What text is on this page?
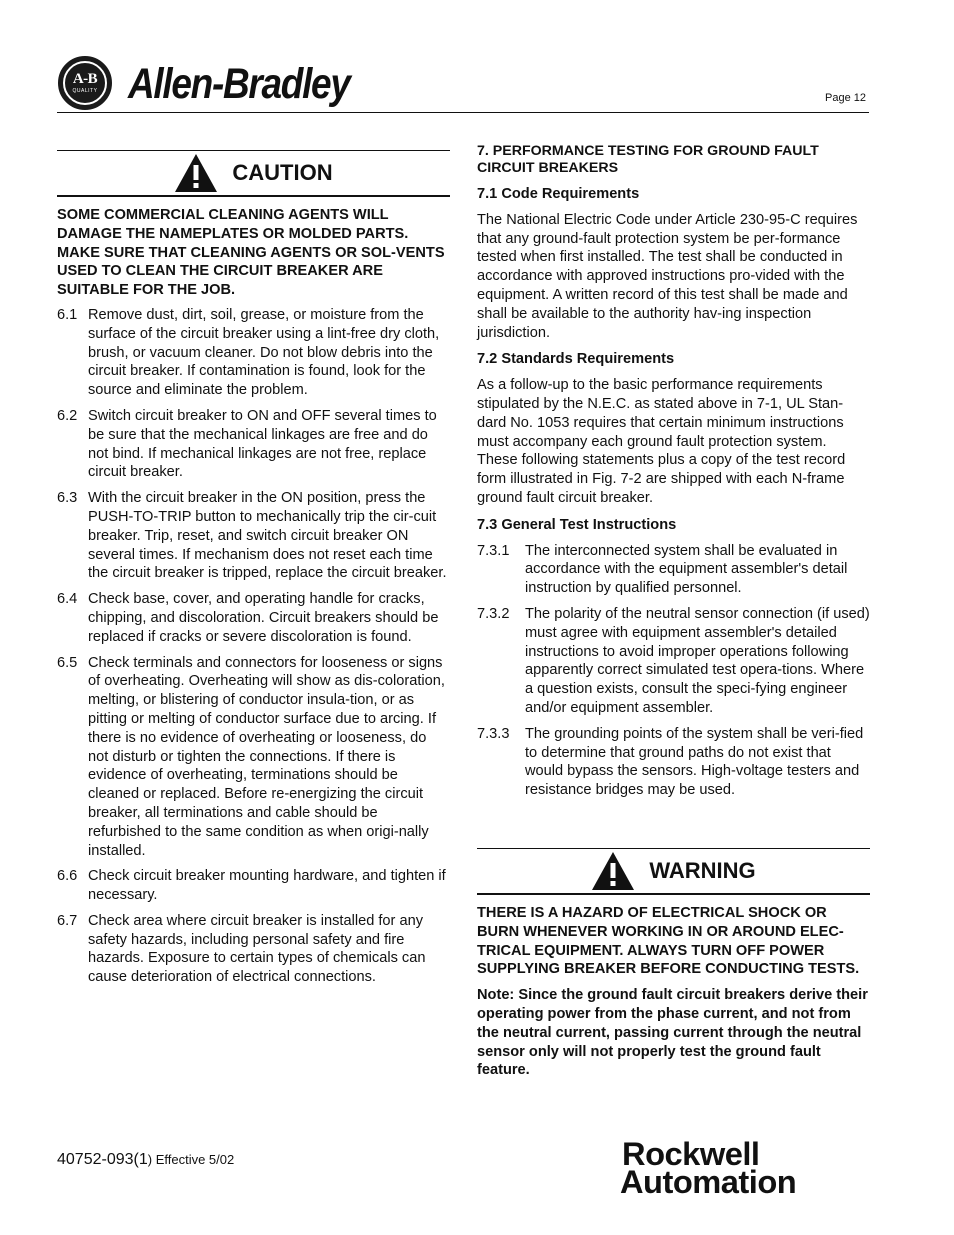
A-B
QUALITY Allen-Bradley	Page 12
CAUTION

SOME COMMERCIAL CLEANING AGENTS WILL DAMAGE THE NAMEPLATES OR MOLDED PARTS. MAKE SURE THAT CLEANING AGENTS OR SOL-VENTS USED TO CLEAN THE CIRCUIT BREAKER ARE SUITABLE FOR THE JOB.

6.1 Remove dust, dirt, soil, grease, or moisture from the surface of the circuit breaker using a lint-free dry cloth, brush, or vacuum cleaner. Do not blow debris into the circuit breaker. If contamination is found, look for the source and eliminate the problem.
6.2 Switch circuit breaker to ON and OFF several times to be sure that the mechanical linkages are free and do not bind. If mechanical linkages are not free, replace circuit breaker.
6.3 With the circuit breaker in the ON position, press the PUSH-TO-TRIP button to mechanically trip the cir-cuit breaker. Trip, reset, and switch circuit breaker ON several times. If mechanism does not reset each time the circuit breaker is tripped, replace the circuit breaker.
6.4 Check base, cover, and operating handle for cracks, chipping, and discoloration. Circuit breakers should be replaced if cracks or severe discoloration is found.
6.5 Check terminals and connectors for looseness or signs of overheating. Overheating will show as dis-coloration, melting, or blistering of conductor insula-tion, or as pitting or melting of conductor surface due to arcing. If there is no evidence of overheating or looseness, do not disturb or tighten the connections. If there is evidence of overheating, terminations should be cleaned or replaced. Before re-energizing the circuit breaker, all terminations and cable should be refurbished to the same condition as when origi-nally installed.
6.6 Check circuit breaker mounting hardware, and tighten if necessary.
6.7 Check area where circuit breaker is installed for any safety hazards, including personal safety and fire hazards. Exposure to certain types of chemicals can cause deterioration of electrical connections.

7. PERFORMANCE TESTING FOR GROUND FAULT CIRCUIT BREAKERS

7.1 Code Requirements

The National Electric Code under Article 230-95-C requires that any ground-fault protection system be per-formance tested when first installed. The test shall be conducted in accordance with approved instructions pro-vided with the equipment. A written record of this test shall be made and shall be available to the authority hav-ing inspection jurisdiction.

7.2 Standards Requirements

As a follow-up to the basic performance requirements stipulated by the N.E.C. as stated above in 7-1, UL Stan-dard No. 1053 requires that certain minimum instructions must accompany each ground fault protection system. These following statements plus a copy of the test record form illustrated in Fig. 7-2 are shipped with each N-frame ground fault circuit breaker.

7.3 General Test Instructions

7.3.1	The interconnected system shall be evaluated in accordance with the equipment assembler's detail instruction by qualified personnel.
7.3.2	The polarity of the neutral sensor connection (if used) must agree with equipment assembler's detailed instructions to avoid improper operations following apparently correct simulated test opera-tions. Where a question exists, consult the speci-fying engineer and/or equipment assembler.
7.3.3	The grounding points of the system shall be veri-fied to determine that ground paths do not exist that would bypass the sensors. High-voltage testers and resistance bridges may be used.
WARNING

THERE IS A HAZARD OF ELECTRICAL SHOCK OR BURN WHENEVER WORKING IN OR AROUND ELEC-TRICAL EQUIPMENT. ALWAYS TURN OFF POWER SUPPLYING BREAKER BEFORE CONDUCTING TESTS.

Note: Since the ground fault circuit breakers derive their operating power from the phase current, and not from the neutral current, passing current through the neutral sensor only will not properly test the ground fault feature.

40752-093(1) Effective 5/02	Rockwell
Automation
